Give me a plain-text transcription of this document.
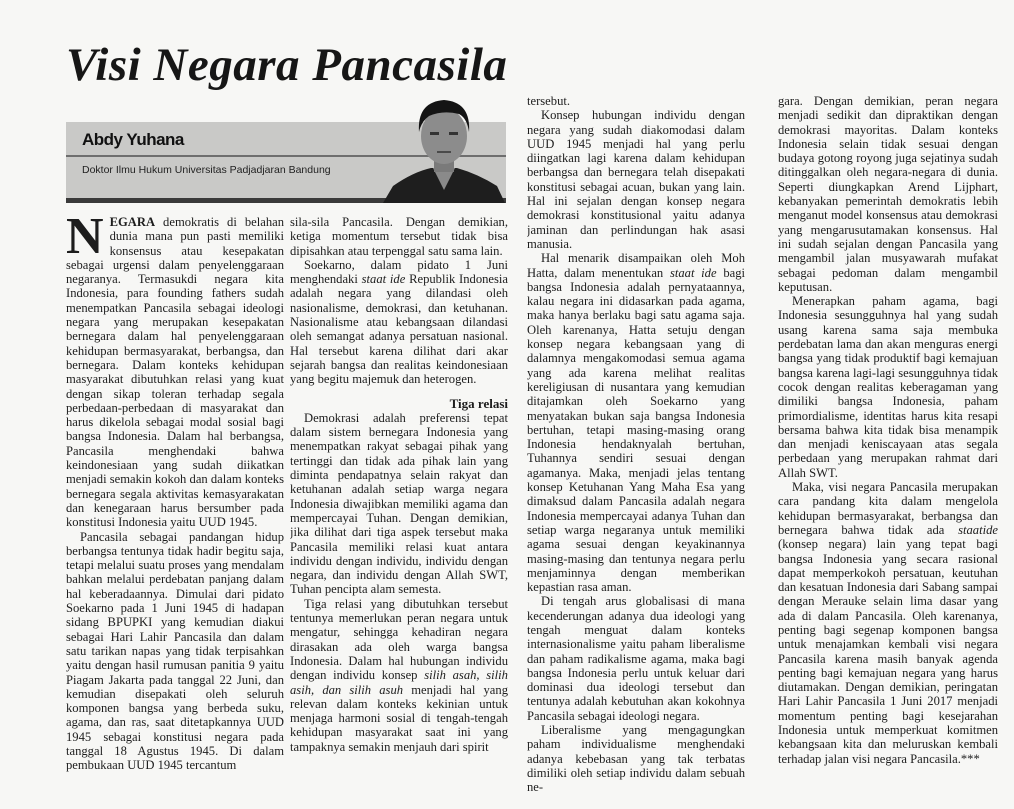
Visi Negara Pancasila
Abdy Yuhana
Doktor Ilmu Hukum Universitas Padjadjaran Bandung

NEGARA demokratis di belahan dunia mana pun pasti memiliki konsensus atau kesepakatan sebagai urgensi dalam penyelenggaraan negaranya. Termasukdi negara kita Indonesia, para founding fathers sudah menempatkan Pancasila sebagai ideologi negara yang merupakan kesepakatan bernegara dalam hal penyelenggaraan kehidupan bermasyarakat, berbangsa, dan bernegara. Dalam konteks kehidupan masyarakat dibutuhkan relasi yang kuat dengan sikap toleran terhadap segala perbedaan-perbedaan di masyarakat dan harus dikelola sebagai modal sosial bagi bangsa Indonesia. Dalam hal berbangsa, Pancasila menghendaki bahwa keindonesiaan yang sudah diikatkan menjadi semakin kokoh dan dalam konteks bernegara segala aktivitas kemasyarakatan dan kenegaraan harus bersumber pada konstitusi Indonesia yaitu UUD 1945.

Pancasila sebagai pandangan hidup berbangsa tentunya tidak hadir begitu saja, tetapi melalui suatu proses yang mendalam bahkan melalui perdebatan panjang dalam hal keberadaannya. Dimulai dari pidato Soekarno pada 1 Juni 1945 di hadapan sidang BPUPKI yang kemudian diakui sebagai Hari Lahir Pancasila dan dalam satu tarikan napas yang tidak terpisahkan yaitu dengan hasil rumusan panitia 9 yaitu Piagam Jakarta pada tanggal 22 Juni, dan kemudian disepakati oleh seluruh komponen bangsa yang berbeda suku, agama, dan ras, saat ditetapkannya UUD 1945 sebagai konstitusi negara pada tanggal 18 Agustus 1945. Di dalam pembukaan UUD 1945 tercantum

sila-sila Pancasila. Dengan demikian, ketiga momentum tersebut tidak bisa dipisahkan atau terpenggal satu sama lain.

Soekarno, dalam pidato 1 Juni menghendaki staat ide Republik Indonesia adalah negara yang dilandasi oleh nasionalisme, demokrasi, dan ketuhanan. Nasionalisme atau kebangsaan dilandasi oleh semangat adanya persatuan nasional. Hal tersebut karena dilihat dari akar sejarah bangsa dan realitas keindonesiaan yang begitu majemuk dan heterogen.

Tiga relasi

Demokrasi adalah preferensi tepat dalam sistem bernegara Indonesia yang menempatkan rakyat sebagai pihak yang tertinggi dan tidak ada pihak lain yang diminta pendapatnya selain rakyat dan ketuhanan adalah setiap warga negara Indonesia diwajibkan memiliki agama dan mempercayai Tuhan. Dengan demikian, jika dilihat dari tiga aspek tersebut maka Pancasila memiliki relasi kuat antara individu dengan individu, individu dengan negara, dan individu dengan Allah SWT, Tuhan pencipta alam semesta.

Tiga relasi yang dibutuhkan tersebut tentunya memerlukan peran negara untuk mengatur, sehingga kehadiran negara dirasakan ada oleh warga bangsa Indonesia. Dalam hal hubungan individu dengan individu konsep silih asah, silih asih, dan silih asuh menjadi hal yang relevan dalam konteks kekinian untuk menjaga harmoni sosial di tengah-tengah kehidupan masyarakat saat ini yang tampaknya semakin menjauh dari spirit

tersebut.

Konsep hubungan individu dengan negara yang sudah diakomodasi dalam UUD 1945 menjadi hal yang perlu diingatkan lagi karena dalam kehidupan berbangsa dan bernegara telah disepakati konstitusi sebagai acuan, bukan yang lain. Hal ini sejalan dengan konsep negara demokrasi konstitusional yaitu adanya jaminan dan perlindungan hak asasi manusia.

Hal menarik disampaikan oleh Moh Hatta, dalam menentukan staat ide bagi bangsa Indonesia adalah pernyataannya, kalau negara ini didasarkan pada agama, maka hanya berlaku bagi satu agama saja. Oleh karenanya, Hatta setuju dengan konsep negara kebangsaan yang di dalamnya mengakomodasi semua agama yang ada karena melihat realitas kereligiusan di nusantara yang kemudian ditajamkan oleh Soekarno yang menyatakan bukan saja bangsa Indonesia bertuhan, tetapi masing-masing orang Indonesia hendaknyalah bertuhan, Tuhannya sendiri sesuai dengan agamanya. Maka, menjadi jelas tentang konsep Ketuhanan Yang Maha Esa yang dimaksud dalam Pancasila adalah negara Indonesia mempercayai adanya Tuhan dan setiap warga negaranya untuk memiliki agama sesuai dengan keyakinannya masing-masing dan tentunya negara perlu menjaminnya dengan memberikan kepastian rasa aman.

Di tengah arus globalisasi di mana kecenderungan adanya dua ideologi yang tengah menguat dalam konteks internasionalisme yaitu paham liberalisme dan paham radikalisme agama, maka bagi bangsa Indonesia perlu untuk keluar dari dominasi dua ideologi tersebut dan tentunya adalah kebutuhan akan kokohnya Pancasila sebagai ideologi negara.

Liberalisme yang mengagungkan paham individualisme menghendaki adanya kebebasan yang tak terbatas dimiliki oleh setiap individu dalam sebuah ne-

gara. Dengan demikian, peran negara menjadi sedikit dan dipraktikan dengan demokrasi mayoritas. Dalam konteks Indonesia selain tidak sesuai dengan budaya gotong royong juga sejatinya sudah ditinggalkan oleh negara-negara di dunia. Seperti diungkapkan Arend Lijphart, kebanyakan pemerintah demokratis lebih menganut model konsensus atau demokrasi yang mengarusutamakan konsensus. Hal ini sudah sejalan dengan Pancasila yang mengambil jalan musyawarah mufakat sebagai pedoman dalam mengambil keputusan.

Menerapkan paham agama, bagi Indonesia sesungguhnya hal yang sudah usang karena sama saja membuka perdebatan lama dan akan menguras energi bangsa yang tidak produktif bagi kemajuan bangsa karena lagi-lagi sesungguhnya tidak cocok dengan realitas keberagaman yang dimiliki bangsa Indonesia, paham primordialisme, identitas harus kita resapi bersama bahwa kita tidak bisa menampik dan menjadi keniscayaan atas segala perbedaan yang merupakan rahmat dari Allah SWT.

Maka, visi negara Pancasila merupakan cara pandang kita dalam mengelola kehidupan bermasyarakat, berbangsa dan bernegara bahwa tidak ada staatide (konsep negara) lain yang tepat bagi bangsa Indonesia yang secara rasional dapat memperkokoh persatuan, keutuhan dan kesatuan Indonesia dari Sabang sampai dengan Merauke selain lima dasar yang ada di dalam Pancasila. Oleh karenanya, penting bagi segenap komponen bangsa untuk menajamkan kembali visi negara Pancasila karena masih banyak agenda penting bagi kemajuan negara yang harus diutamakan. Dengan demikian, peringatan Hari Lahir Pancasila 1 Juni 2017 menjadi momentum penting bagi kesejarahan Indonesia untuk memperkuat komitmen kebangsaan kita dan meluruskan kembali terhadap jalan visi negara Pancasila.***
